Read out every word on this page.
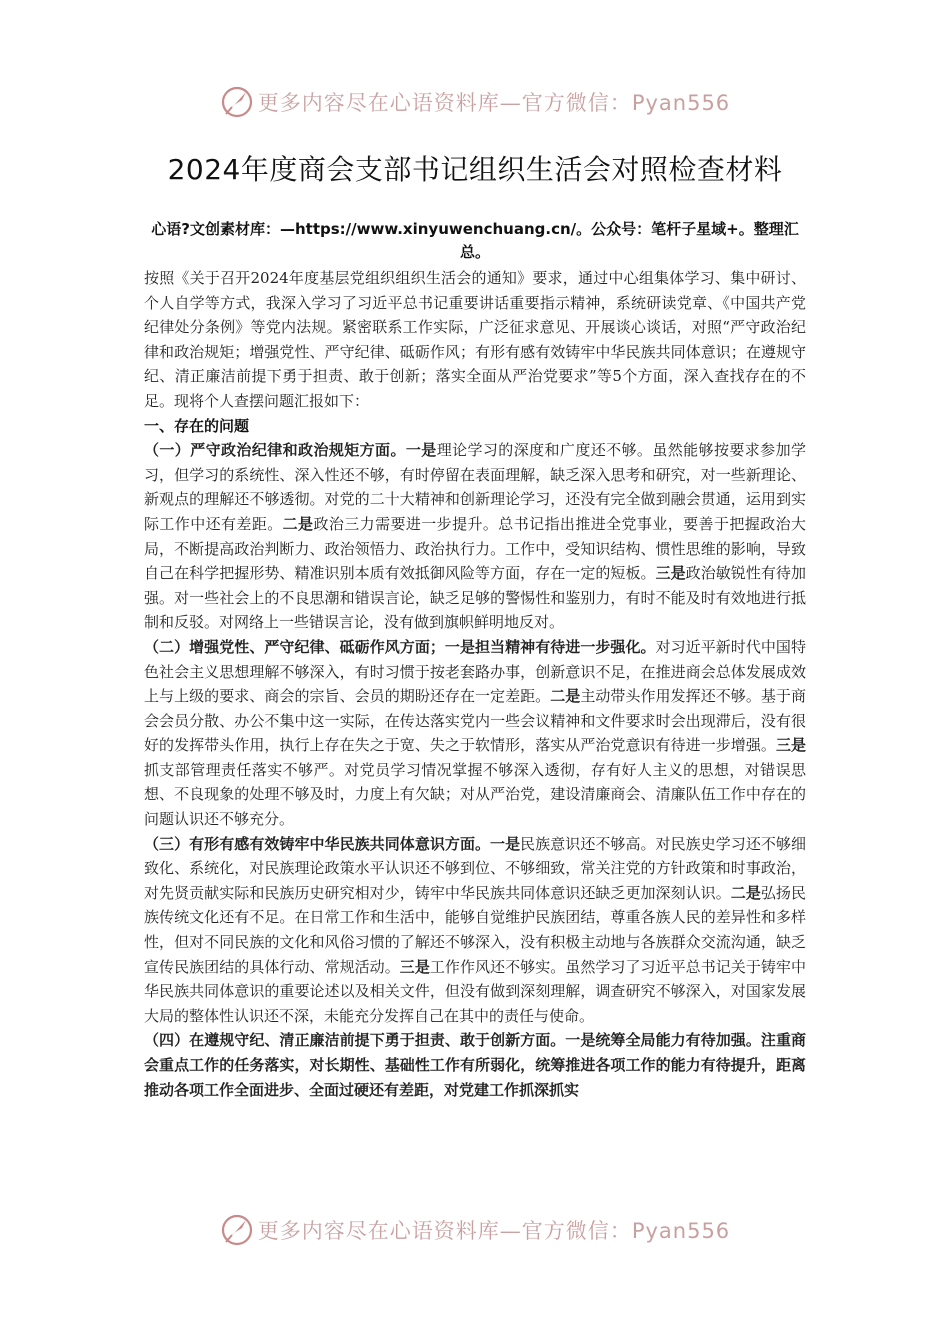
更多内容尽在心语资料库—官方微信：Pyan556
2024年度商会支部书记组织生活会对照检查材料

心语?文创素材库：—https://www.xinyuwenchuang.cn/。公众号：笔杆子星域+。整理汇总。

按照《关于召开2024年度基层党组织组织生活会的通知》要求，通过中心组集体学习、集中研讨、个人自学等方式，我深入学习了习近平总书记重要讲话重要指示精神，系统研读党章、《中国共产党纪律处分条例》等党内法规。紧密联系工作实际，广泛征求意见、开展谈心谈话，对照“严守政治纪律和政治规矩；增强党性、严守纪律、砥砺作风；有形有感有效铸牢中华民族共同体意识；在遵规守纪、清正廉洁前提下勇于担责、敢于创新；落实全面从严治党要求”等5个方面，深入查找存在的不足。现将个人查摆问题汇报如下：

一、存在的问题

（一）严守政治纪律和政治规矩方面。一是理论学习的深度和广度还不够。虽然能够按要求参加学习，但学习的系统性、深入性还不够，有时停留在表面理解，缺乏深入思考和研究，对一些新理论、新观点的理解还不够透彻。对党的二十大精神和创新理论学习，还没有完全做到融会贯通，运用到实际工作中还有差距。二是政治三力需要进一步提升。总书记指出推进全党事业，要善于把握政治大局，不断提高政治判断力、政治领悟力、政治执行力。工作中，受知识结构、惯性思维的影响，导致自己在科学把握形势、精准识别本质有效抵御风险等方面，存在一定的短板。三是政治敏锐性有待加强。对一些社会上的不良思潮和错误言论，缺乏足够的警惕性和鉴别力，有时不能及时有效地进行抵制和反驳。对网络上一些错误言论，没有做到旗帜鲜明地反对。

（二）增强党性、严守纪律、砥砺作风方面；一是担当精神有待进一步强化。对习近平新时代中国特色社会主义思想理解不够深入，有时习惯于按老套路办事，创新意识不足，在推进商会总体发展成效上与上级的要求、商会的宗旨、会员的期盼还存在一定差距。二是主动带头作用发挥还不够。基于商会会员分散、办公不集中这一实际，在传达落实党内一些会议精神和文件要求时会出现滞后，没有很好的发挥带头作用，执行上存在失之于宽、失之于软情形，落实从严治党意识有待进一步增强。三是抓支部管理责任落实不够严。对党员学习情况掌握不够深入透彻，存有好人主义的思想，对错误思想、不良现象的处理不够及时，力度上有欠缺；对从严治党，建设清廉商会、清廉队伍工作中存在的问题认识还不够充分。

（三）有形有感有效铸牢中华民族共同体意识方面。一是民族意识还不够高。对民族史学习还不够细致化、系统化，对民族理论政策水平认识还不够到位、不够细致，常关注党的方针政策和时事政治，对先贤贡献实际和民族历史研究相对少，铸牢中华民族共同体意识还缺乏更加深刻认识。二是弘扬民族传统文化还有不足。在日常工作和生活中，能够自觉维护民族团结，尊重各族人民的差异性和多样性，但对不同民族的文化和风俗习惯的了解还不够深入，没有积极主动地与各族群众交流沟通，缺乏宣传民族团结的具体行动、常规活动。三是工作作风还不够实。虽然学习了习近平总书记关于铸牢中华民族共同体意识的重要论述以及相关文件，但没有做到深刻理解，调查研究不够深入，对国家发展大局的整体性认识还不深，未能充分发挥自己在其中的责任与使命。

（四）在遵规守纪、清正廉洁前提下勇于担责、敢于创新方面。一是统筹全局能力有待加强。注重商会重点工作的任务落实，对长期性、基础性工作有所弱化，统筹推进各项工作的能力有待提升，距离推动各项工作全面进步、全面过硬还有差距，对党建工作抓深抓实

更多内容尽在心语资料库—官方微信：Pyan556
